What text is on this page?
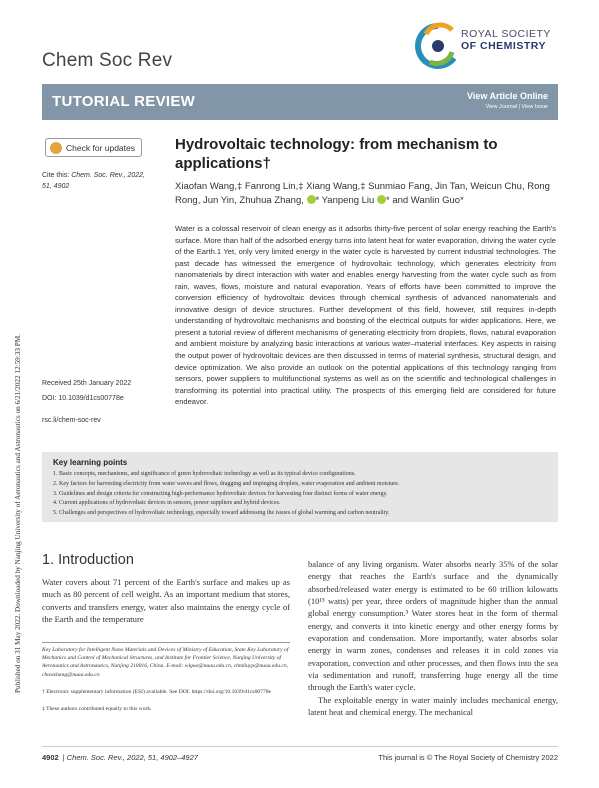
Published on 31 May 2022. Downloaded by Nanjing University of Aeronautics and Astronautics on 6/21/2022 12:59:33 PM.
Chem Soc Rev
ROYAL SOCIETY
OF CHEMISTRY
TUTORIAL REVIEW	View Article Online
View Journal | View Issue
Check for updates	Hydrovoltaic technology: from mechanism to applications†
Cite this: Chem. Soc. Rev., 2022, 51, 4902	Xiaofan Wang,‡ Fanrong Lin,‡ Xiang Wang,‡ Sunmiao Fang, Jin Tan, Weicun Chu, Rong Rong, Jun Yin, Zhuhua Zhang, * Yanpeng Liu * and Wanlin Guo*
Water is a colossal reservoir of clean energy as it adsorbs thirty-five percent of solar energy reaching the Earth's surface. More than half of the adsorbed energy turns into latent heat for water evaporation, driving the water cycle of the Earth.1 Yet, only very limited energy in the water cycle is harvested by current industrial technologies. The past decade has witnessed the emergence of hydrovoltaic technology, which generates electricity from nanomaterials by direct interaction with water and enables energy harvesting from the water cycle such as from rain, waves, flows, moisture and natural evaporation. Years of efforts have been committed to improve the conversion efficiency of hydrovoltaic devices through chemical synthesis of advanced nanomaterials and innovative design of device structures. Further development of this field, however, still requires in-depth understanding of hydrovoltaic mechanisms and boosting of the electrical outputs for wider applications. Here, we present a tutorial review of different mechanisms of generating electricity from droplets, flows, natural evaporation and ambient moisture by analyzing basic interactions at various water–material interfaces. Key aspects in raising the output power of hydrovoltaic devices are then discussed in terms of material synthesis, structural design, and device optimization. We also provide an outlook on the potential applications of this technology ranging from sensors, power suppliers to multifunctional systems as well as on the scientific and technological challenges in transforming its potential into practical utility. The prospects of this emerging field are considered for future endeavor.
Received 25th January 2022
DOI: 10.1039/d1cs00778e
rsc.li/chem-soc-rev
Key learning points
1. Basic concepts, mechanisms, and significance of green hydrovoltaic technology as well as its typical device configurations.
2. Key factors for harvesting electricity from water waves and flows, dragging and impinging droplets, water evaporation and ambient moisture.
3. Guidelines and design criteria for constructing high-performance hydrovoltaic devices for harvesting four distinct forms of water energy.
4. Current applications of hydrovoltaic devices in sensors, power suppliers and hybrid devices.
5. Challenges and perspectives of hydrovoltaic technology, especially toward addressing the issues of global warming and carbon neutrality.
1. Introduction
Water covers about 71 percent of the Earth's surface and makes up as much as 80 percent of cell weight. As an important medium that stores, converts and transfers energy, water also maintains the energy cycle of the Earth and the temperature

balance of any living organism. Water absorbs nearly 35% of the solar energy that reaches the Earth's surface and the dynamically absorbed/released water energy is estimated to be 60 trillion kilowatts (10¹⁵ watts) per year, three orders of magnitude higher than the annual global energy consumption.³ Water stores heat in the form of thermal energy, and converts it into kinetic energy and other energy forms by evaporation and condensation. More importantly, water absorbs solar energy in warm zones, condenses and releases it in cold zones via evaporation, convection and other processes, and then flows into the sea via sedimentation and runoff, transferring huge energy all the time through the Earth's water cycle.

The exploitable energy in water mainly includes mechanical energy, latent heat and chemical energy. The mechanical

Key Laboratory for Intelligent Nano Materials and Devices of Ministry of Education, State Key Laboratory of Mechanics and Control of Mechanical Structures, and Institute for Frontier Science, Nanjing University of Aeronautics and Astronautics, Nanjing 210016, China. E-mail: wlguo@nuaa.edu.cn, chmliuyp@nuaa.edu.cn, chuwzhang@nuaa.edu.cn
† Electronic supplementary information (ESI) available. See DOI: https://doi.org/10.1039/d1cs00778e
‡ These authors contributed equally to this work.
4902 | Chem. Soc. Rev., 2022, 51, 4902–4927	This journal is © The Royal Society of Chemistry 2022
